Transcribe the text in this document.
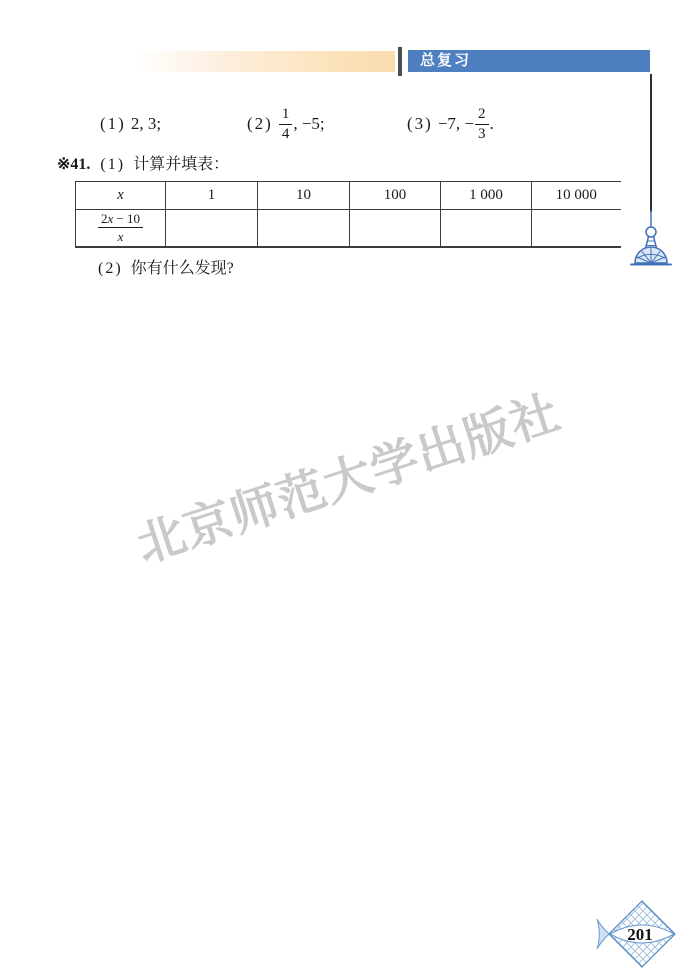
总复习
(1) 2, 3;	$(2) \frac{1}{4}$ , −5;	(3) −7, − $\frac{2}{3}$ .
※41. (1) 计算并填表：
x	1	10	100	1 000	10 000

$\frac{2x - 10}{x}$

(2) 你有什么发现?
北京师范大学出版社
201
